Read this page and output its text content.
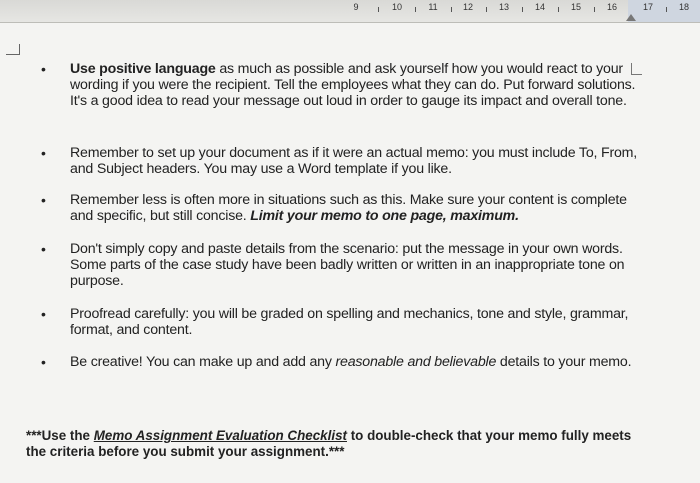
9	10	11	12	13	14	15	16	17	18
• Use positive language as much as possible and ask yourself how you would react to your wording if you were the recipient. Tell the employees what they can do. Put forward solutions. It's a good idea to read your message out loud in order to gauge its impact and overall tone.
• Remember to set up your document as if it were an actual memo: you must include To, From, and Subject headers. You may use a Word template if you like.
• Remember less is often more in situations such as this. Make sure your content is complete and specific, but still concise. Limit your memo to one page, maximum.
• Don't simply copy and paste details from the scenario: put the message in your own words. Some parts of the case study have been badly written or written in an inappropriate tone on purpose.
• Proofread carefully: you will be graded on spelling and mechanics, tone and style, grammar, format, and content.
• Be creative! You can make up and add any reasonable and believable details to your memo.
***Use the Memo Assignment Evaluation Checklist to double-check that your memo fully meets the criteria before you submit your assignment.***
